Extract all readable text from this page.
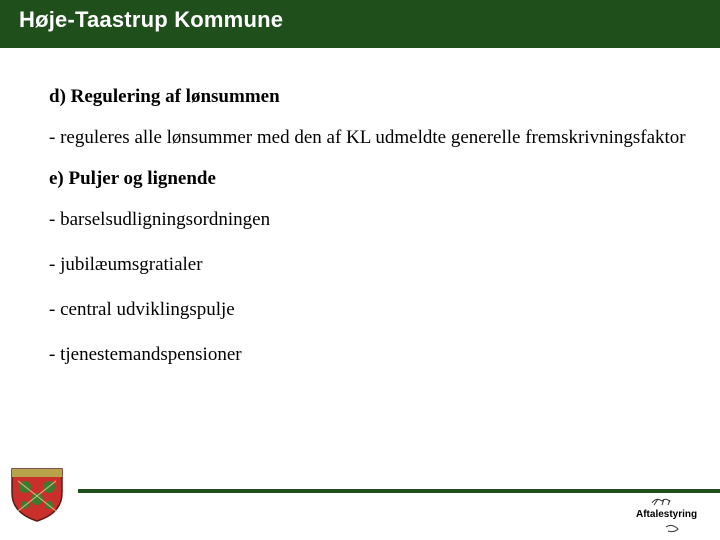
Høje-Taastrup Kommune
d) Regulering af lønsummen
- reguleres alle lønsummer med den af KL udmeldte generelle fremskrivningsfaktor
e) Puljer og lignende
- barselsudligningsordningen
- jubilæumsgratialer
- central udviklingspulje
- tjenestemandspensioner
Aftalestyring
